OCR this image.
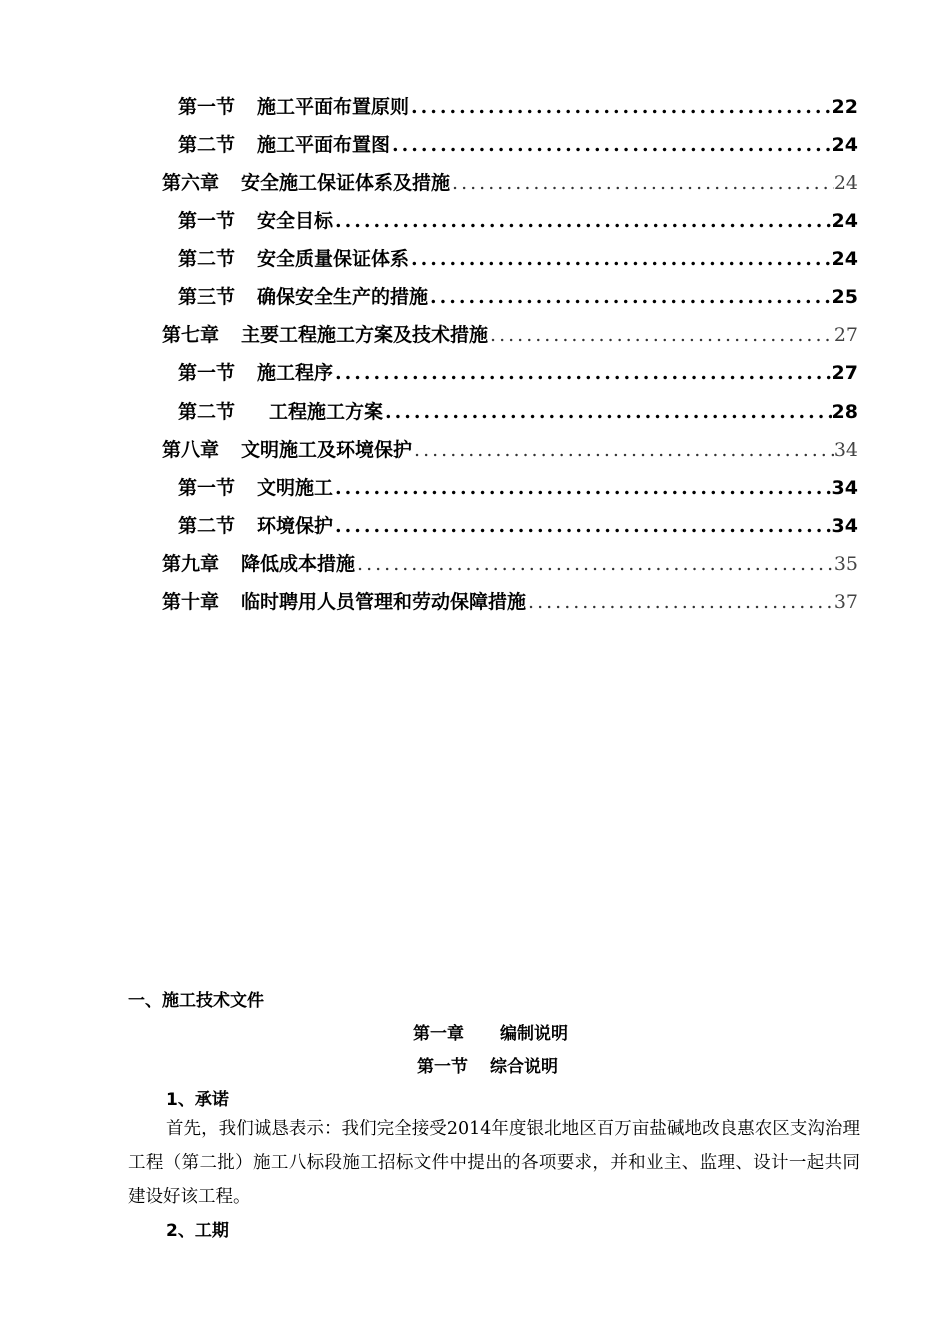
第一节 施工平面布置原则 .....	22
第二节 施工平面布置图 .....	24
第六章 安全施工保证体系及措施 .....	24
第一节 安全目标 .....	24
第二节 安全质量保证体系 .....	24
第三节 确保安全生产的措施 .....	25
第七章 主要工程施工方案及技术措施 .....	27
第一节 施工程序 .....	27
第二节 工程施工方案 .....	28
第八章 文明施工及环境保护 .....	34
第一节 文明施工 .....	34
第二节 环境保护 .....	34
第九章 降低成本措施 .....	35
第十章 临时聘用人员管理和劳动保障措施 .....	37
一、施工技术文件
第一章 编制说明
第一节 综合说明
1、承诺
首先，我们诚恳表示：我们完全接受2014年度银北地区百万亩盐碱地改良惠农区支沟治理工程（第二批）施工八标段施工招标文件中提出的各项要求，并和业主、监理、设计一起共同建设好该工程。
2、工期
